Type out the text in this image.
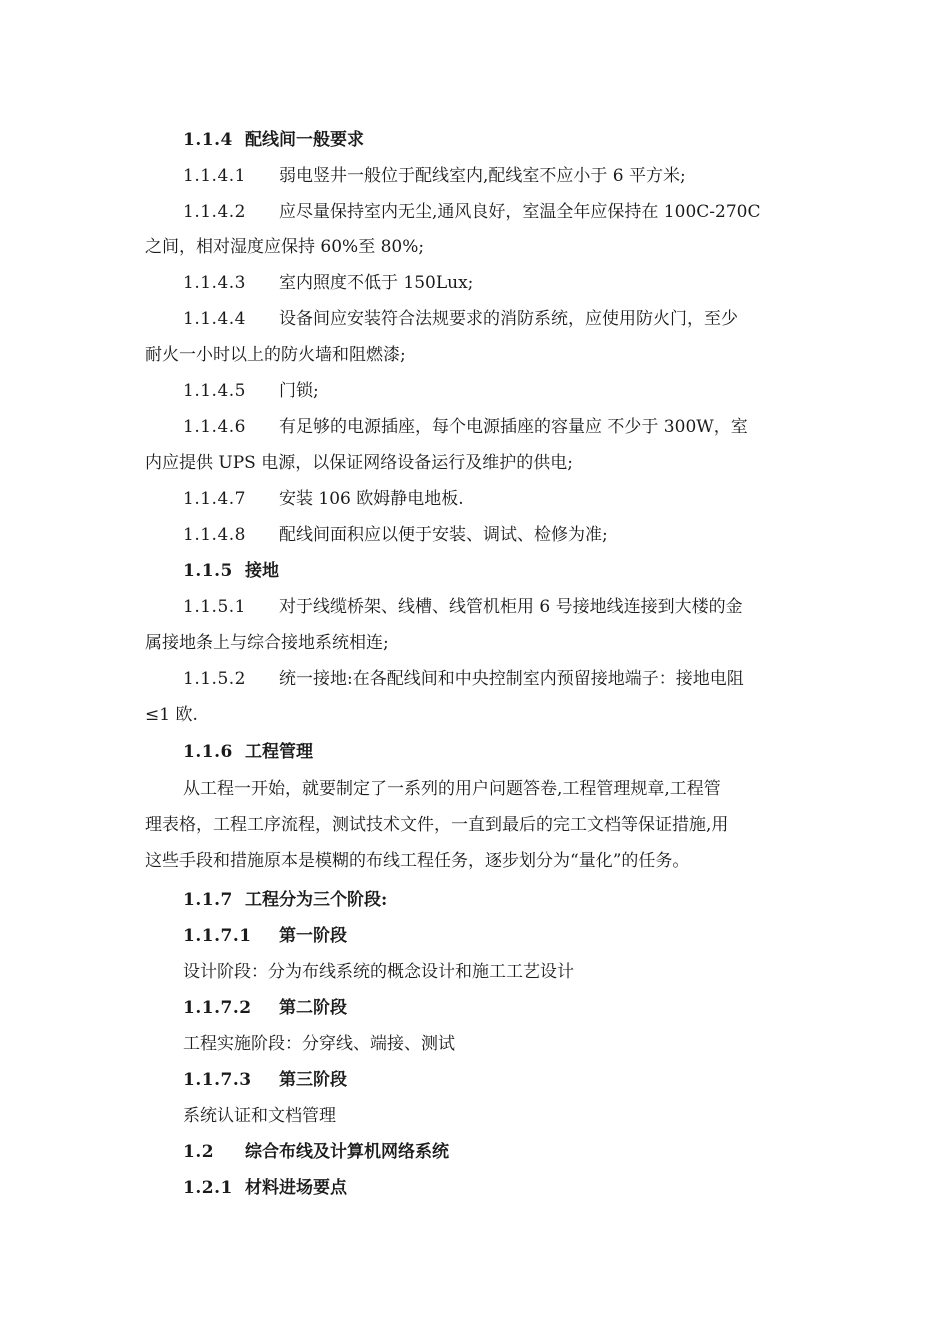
1.1.4 配线间一般要求
1.1.4.1 弱电竖井一般位于配线室内,配线室不应小于 6 平方米;
1.1.4.2 应尽量保持室内无尘,通风良好，室温全年应保持在 100C-270C
之间，相对湿度应保持 60%至 80%;
1.1.4.3 室内照度不低于 150Lux;
1.1.4.4 设备间应安装符合法规要求的消防系统，应使用防火门，至少
耐火一小时以上的防火墙和阻燃漆;
1.1.4.5 门锁;
1.1.4.6 有足够的电源插座，每个电源插座的容量应 不少于 300W，室
内应提供 UPS 电源，以保证网络设备运行及维护的供电;
1.1.4.7 安装 106 欧姆静电地板.
1.1.4.8 配线间面积应以便于安装、调试、检修为准;
1.1.5 接地
1.1.5.1 对于线缆桥架、线槽、线管机柜用 6 号接地线连接到大楼的金
属接地条上与综合接地系统相连;
1.1.5.2 统一接地:在各配线间和中央控制室内预留接地端子：接地电阻
≤1 欧.
1.1.6 工程管理
从工程一开始，就要制定了一系列的用户问题答卷,工程管理规章,工程管
理表格，工程工序流程，测试技术文件，一直到最后的完工文档等保证措施,用
这些手段和措施原本是模糊的布线工程任务，逐步划分为“量化”的任务。
1.1.7 工程分为三个阶段:
1.1.7.1 第一阶段
设计阶段：分为布线系统的概念设计和施工工艺设计
1.1.7.2 第二阶段
工程实施阶段：分穿线、端接、测试
1.1.7.3 第三阶段
系统认证和文档管理
1.2 综合布线及计算机网络系统
1.2.1 材料进场要点
